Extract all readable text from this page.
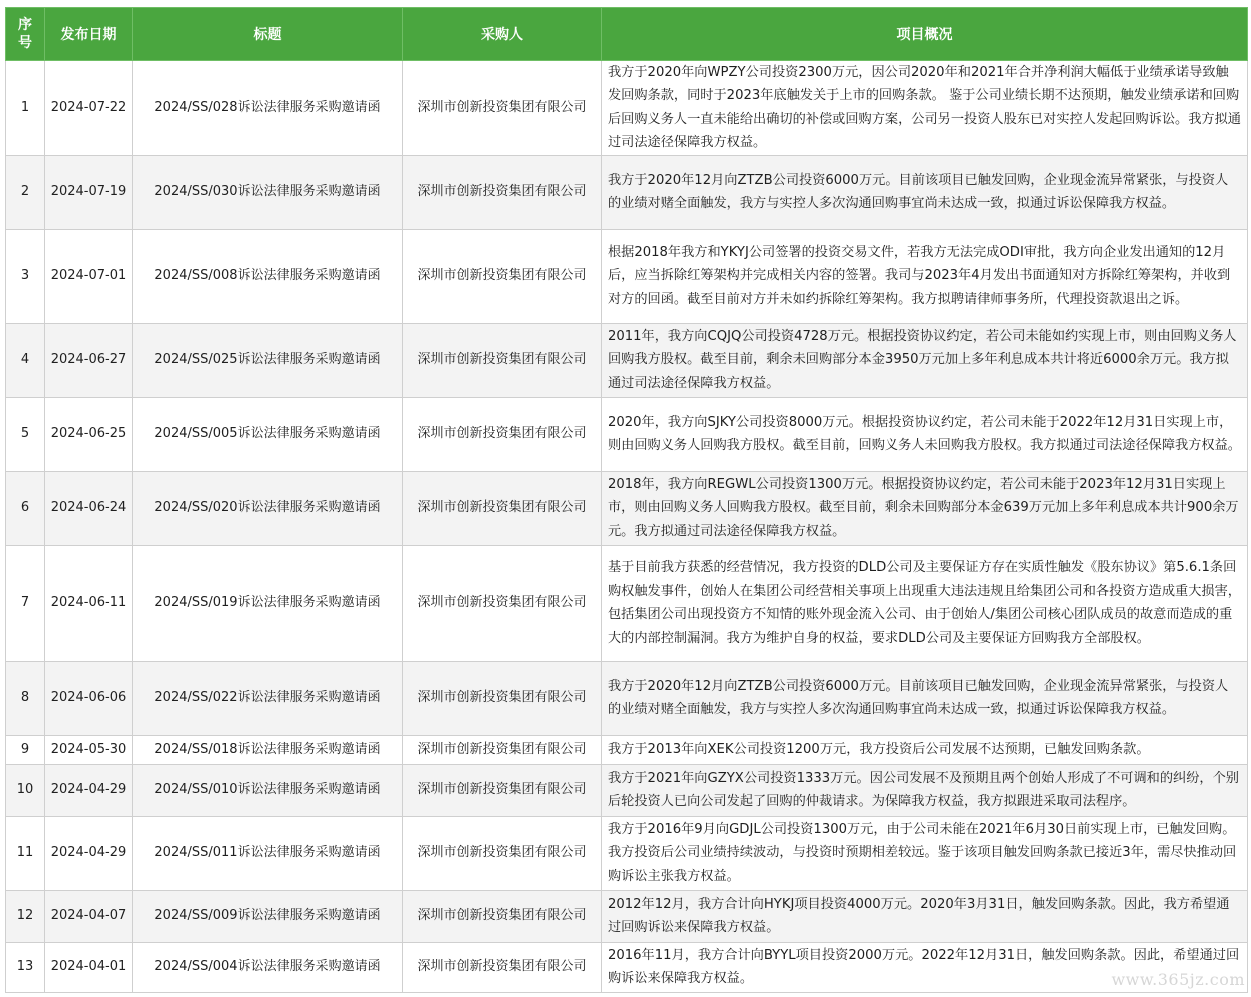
序号	发布日期	标题	采购人	项目概况
1	2024-07-22	2024/SS/028诉讼法律服务采购邀请函	深圳市创新投资集团有限公司	我方于2020年向WPZY公司投资2300万元，因公司2020年和2021年合并净利润大幅低于业绩承诺导致触发回购条款，同时于2023年底触发关于上市的回购条款。 鉴于公司业绩长期不达预期，触发业绩承诺和回购后回购义务人一直未能给出确切的补偿或回购方案，公司另一投资人股东已对实控人发起回购诉讼。我方拟通过司法途径保障我方权益。
2	2024-07-19	2024/SS/030诉讼法律服务采购邀请函	深圳市创新投资集团有限公司	我方于2020年12月向ZTZB公司投资6000万元。目前该项目已触发回购，企业现金流异常紧张，与投资人的业绩对赌全面触发，我方与实控人多次沟通回购事宜尚未达成一致，拟通过诉讼保障我方权益。
3	2024-07-01	2024/SS/008诉讼法律服务采购邀请函	深圳市创新投资集团有限公司	根据2018年我方和YKYJ公司签署的投资交易文件，若我方无法完成ODI审批，我方向企业发出通知的12月后，应当拆除红筹架构并完成相关内容的签署。我司与2023年4月发出书面通知对方拆除红筹架构，并收到对方的回函。截至目前对方并未如约拆除红筹架构。我方拟聘请律师事务所，代理投资款退出之诉。
4	2024-06-27	2024/SS/025诉讼法律服务采购邀请函	深圳市创新投资集团有限公司	2011年，我方向CQJQ公司投资4728万元。根据投资协议约定，若公司未能如约实现上市，则由回购义务人回购我方股权。截至目前，剩余未回购部分本金3950万元加上多年利息成本共计将近6000余万元。我方拟通过司法途径保障我方权益。
5	2024-06-25	2024/SS/005诉讼法律服务采购邀请函	深圳市创新投资集团有限公司	2020年，我方向SJKY公司投资8000万元。根据投资协议约定，若公司未能于2022年12月31日实现上市，则由回购义务人回购我方股权。截至目前，回购义务人未回购我方股权。我方拟通过司法途径保障我方权益。
6	2024-06-24	2024/SS/020诉讼法律服务采购邀请函	深圳市创新投资集团有限公司	2018年，我方向REGWL公司投资1300万元。根据投资协议约定，若公司未能于2023年12月31日实现上市，则由回购义务人回购我方股权。截至目前，剩余未回购部分本金639万元加上多年利息成本共计900余万元。我方拟通过司法途径保障我方权益。
7	2024-06-11	2024/SS/019诉讼法律服务采购邀请函	深圳市创新投资集团有限公司	基于目前我方获悉的经营情况，我方投资的DLD公司及主要保证方存在实质性触发《股东协议》第5.6.1条回购权触发事件，创始人在集团公司经营相关事项上出现重大违法违规且给集团公司和各投资方造成重大损害，包括集团公司出现投资方不知情的账外现金流入公司、由于创始人/集团公司核心团队成员的故意而造成的重大的内部控制漏洞。我方为维护自身的权益，要求DLD公司及主要保证方回购我方全部股权。
8	2024-06-06	2024/SS/022诉讼法律服务采购邀请函	深圳市创新投资集团有限公司	我方于2020年12月向ZTZB公司投资6000万元。目前该项目已触发回购，企业现金流异常紧张，与投资人的业绩对赌全面触发，我方与实控人多次沟通回购事宜尚未达成一致，拟通过诉讼保障我方权益。
9	2024-05-30	2024/SS/018诉讼法律服务采购邀请函	深圳市创新投资集团有限公司	我方于2013年向XEK公司投资1200万元，我方投资后公司发展不达预期，已触发回购条款。
10	2024-04-29	2024/SS/010诉讼法律服务采购邀请函	深圳市创新投资集团有限公司	我方于2021年向GZYX公司投资1333万元。因公司发展不及预期且两个创始人形成了不可调和的纠纷，个别后轮投资人已向公司发起了回购的仲裁请求。为保障我方权益，我方拟跟进采取司法程序。
11	2024-04-29	2024/SS/011诉讼法律服务采购邀请函	深圳市创新投资集团有限公司	我方于2016年9月向GDJL公司投资1300万元，由于公司未能在2021年6月30日前实现上市，已触发回购。我方投资后公司业绩持续波动，与投资时预期相差较远。鉴于该项目触发回购条款已接近3年，需尽快推动回购诉讼主张我方权益。
12	2024-04-07	2024/SS/009诉讼法律服务采购邀请函	深圳市创新投资集团有限公司	2012年12月，我方合计向HYKJ项目投资4000万元。2020年3月31日，触发回购条款。因此，我方希望通过回购诉讼来保障我方权益。
13	2024-04-01	2024/SS/004诉讼法律服务采购邀请函	深圳市创新投资集团有限公司	2016年11月，我方合计向BYYL项目投资2000万元。2022年12月31日，触发回购条款。因此，希望通过回购诉讼来保障我方权益。	www.365jz.com
